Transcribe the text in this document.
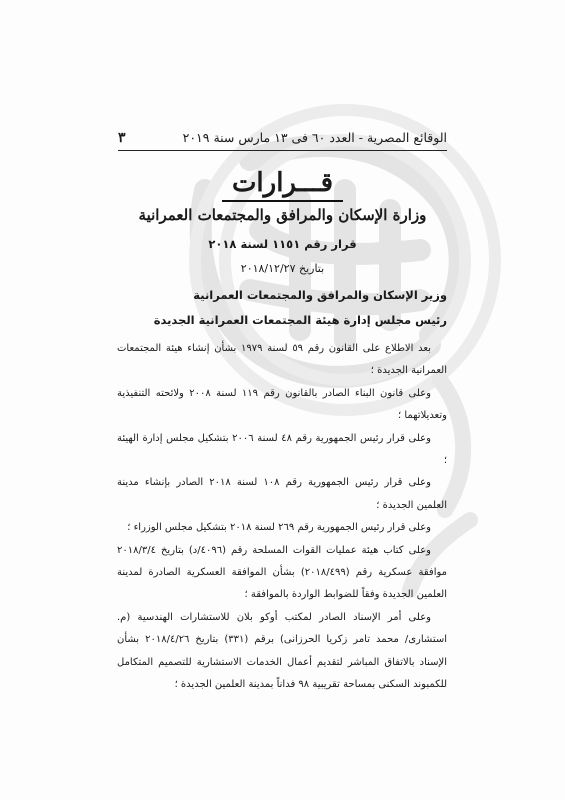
الوقائع المصرية - العدد ٦٠ فى ١٣ مارس سنة ٢٠١٩
٣
قـــرارات
وزارة الإسكان والمرافق والمجتمعات العمرانية
قرار رقم ١١٥١ لسنة ٢٠١٨
بتاريخ ٢٠١٨/١٢/٢٧
وزير الإسكان والمرافق والمجتمعات العمرانية
رئيس مجلس إدارة هيئة المجتمعات العمرانية الجديدة

بعد الاطلاع على القانون رقم ٥٩ لسنة ١٩٧٩ بشأن إنشاء هيئة المجتمعات العمرانية الجديدة ؛

وعلى قانون البناء الصادر بالقانون رقم ١١٩ لسنة ٢٠٠٨ ولائحته التنفيذية وتعديلاتهما ؛

وعلى قرار رئيس الجمهورية رقم ٤٨ لسنة ٢٠٠٦ بتشكيل مجلس إدارة الهيئة ؛

وعلى قرار رئيس الجمهورية رقم ١٠٨ لسنة ٢٠١٨ الصادر بإنشاء مدينة العلمين الجديدة ؛

وعلى قرار رئيس الجمهورية رقم ٢٦٩ لسنة ٢٠١٨ بتشكيل مجلس الوزراء ؛

وعلى كتاب هيئة عمليات القوات المسلحة رقم (٤٠٩٦/د) بتاريخ ٢٠١٨/٣/٤ موافقة عسكرية رقم (٢٠١٨/٤٩٩) بشأن الموافقة العسكرية الصادرة لمدينة العلمين الجديدة وفقاً للضوابط الواردة بالموافقة ؛

وعلى أمر الإسناد الصادر لمكتب أوكو بلان للاستشارات الهندسية (م. استشارى/ محمد تامر زكريا الحرزانى) برقم (٣٣١) بتاريخ ٢٠١٨/٤/٢٦ بشأن الإسناد بالاتفاق المباشر لتقديم أعمال الخدمات الاستشارية للتصميم المتكامل للكمبوند السكنى بمساحة تقريبية ٩٨ فداناً بمدينة العلمين الجديدة ؛
